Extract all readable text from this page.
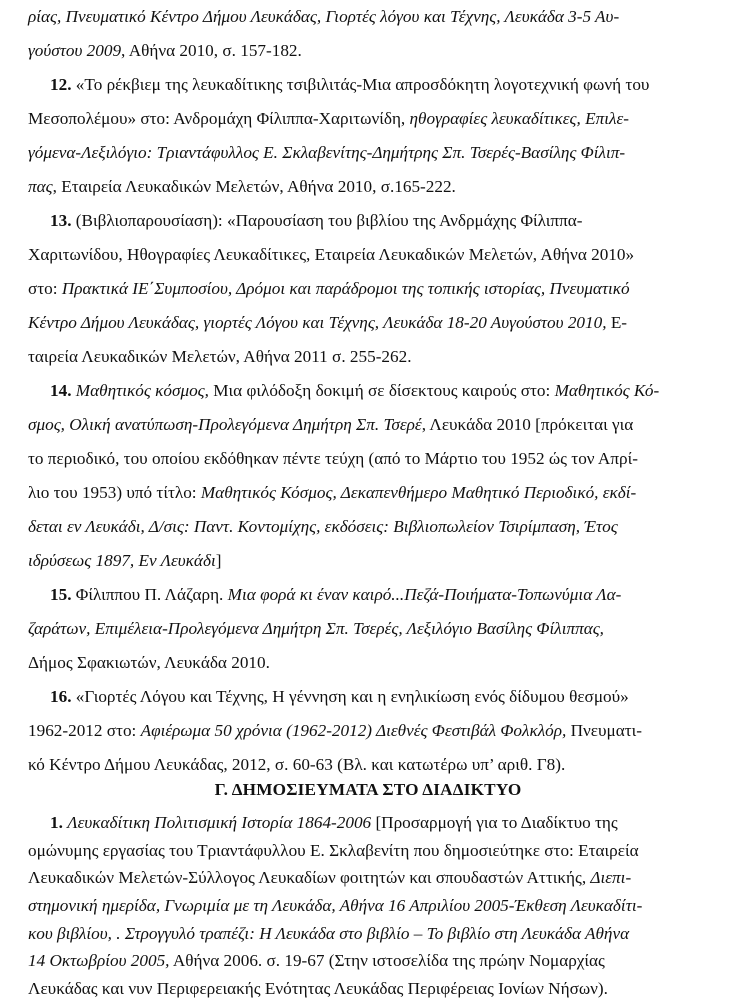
Γ. ΔΗΜΟΣΙΕΥΜΑΤΑ ΣΤΟ ΔΙΑΔΙΚΤΥΟ
ρίας, Πνευματικό Κέντρο Δήμου Λευκάδας, Γιορτές λόγου και Τέχνης, Λευκάδα 3-5 Αυ-
γούστου 2009, Αθήνα 2010, σ. 157-182.
12. «Το ρέκβιεμ της λευκαδίτικης τσιβιλιτάς-Μια απροσδόκητη λογοτεχνική φωνή του
Μεσοπολέμου» στο: Ανδρομάχη Φίλιππα-Χαριτωνίδη, ηθογραφίες λευκαδίτικες, Επιλε-
γόμενα-Λεξιλόγιο: Τριαντάφυλλος Ε. Σκλαβενίτης-Δημήτρης Σπ. Τσερές-Βασίλης Φίλιπ-
πας, Εταιρεία Λευκαδικών Μελετών, Αθήνα 2010, σ.165-222.
13. (Βιβλιοπαρουσίαση): «Παρουσίαση του βιβλίου της Ανδρμάχης Φίλιππα-
Χαριτωνίδου, Ηθογραφίες Λευκαδίτικες, Εταιρεία Λευκαδικών Μελετών, Αθήνα 2010»
στο: Πρακτικά ΙΕ΄Συμποσίου, Δρόμοι και παράδρομοι της τοπικής ιστορίας, Πνευματικό
Κέντρο Δήμου Λευκάδας, γιορτές Λόγου και Τέχνης, Λευκάδα 18-20 Αυγούστου 2010, Ε-
ταιρεία Λευκαδικών Μελετών, Αθήνα 2011 σ. 255-262.
14. Μαθητικός κόσμος, Μια φιλόδοξη δοκιμή σε δίσεκτους καιρούς στο: Μαθητικός Κό-
σμος, Ολική ανατύπωση-Προλεγόμενα Δημήτρη Σπ. Τσερέ, Λευκάδα 2010 [πρόκειται για
το περιοδικό, του οποίου εκδόθηκαν πέντε τεύχη (από το Μάρτιο του 1952 ώς τον Απρί-
λιο του 1953) υπό τίτλο: Μαθητικός Κόσμος, Δεκαπενθήμερο Μαθητικό Περιοδικό, εκδί-
δεται εν Λευκάδι, Δ/σις: Παντ. Κοντομίχης, εκδόσεις: Βιβλιοπωλείον Τσιρίμπαση, Έτος
ιδρύσεως 1897, Εν Λευκάδι]
15. Φίλιππου Π. Λάζαρη. Μια φορά κι έναν καιρό...Πεζά-Ποιήματα-Τοπωνύμια Λα-
ζαράτων, Επιμέλεια-Προλεγόμενα Δημήτρη Σπ. Τσερές, Λεξιλόγιο Βασίλης Φίλιππας,
Δήμος Σφακιωτών, Λευκάδα 2010.
16. «Γιορτές Λόγου και Τέχνης, Η γέννηση και η ενηλικίωση ενός δίδυμου θεσμού»
1962-2012 στο: Αφιέρωμα 50 χρόνια (1962-2012) Διεθνές Φεστιβάλ Φολκλόρ, Πνευματι-
κό Κέντρο Δήμου Λευκάδας, 2012, σ. 60-63 (Βλ. και κατωτέρω υπ’ αριθ. Γ8).
1. Λευκαδίτικη Πολιτισμική Ιστορία 1864-2006 [Προσαρμογή για το Διαδίκτυο της
ομώνυμης εργασίας του Τριαντάφυλλου Ε. Σκλαβενίτη που δημοσιεύτηκε στο: Εταιρεία
Λευκαδικών Μελετών-Σύλλογος Λευκαδίων φοιτητών και σπουδαστών Αττικής, Διεπι-
στημονική ημερίδα, Γνωριμία με τη Λευκάδα, Αθήνα 16 Απριλίου 2005-Έκθεση Λευκαδίτι-
κου βιβλίου, . Στρογγυλό τραπέζι: Η Λευκάδα στο βιβλίο – Το βιβλίο στη Λευκάδα Αθήνα
14 Οκτωβρίου 2005, Αθήνα 2006. σ. 19-67 (Στην ιστοσελίδα της πρώην Νομαρχίας
Λευκάδας και νυν Περιφερειακής Ενότητας Λευκάδας Περιφέρειας Ιονίων Νήσων).
